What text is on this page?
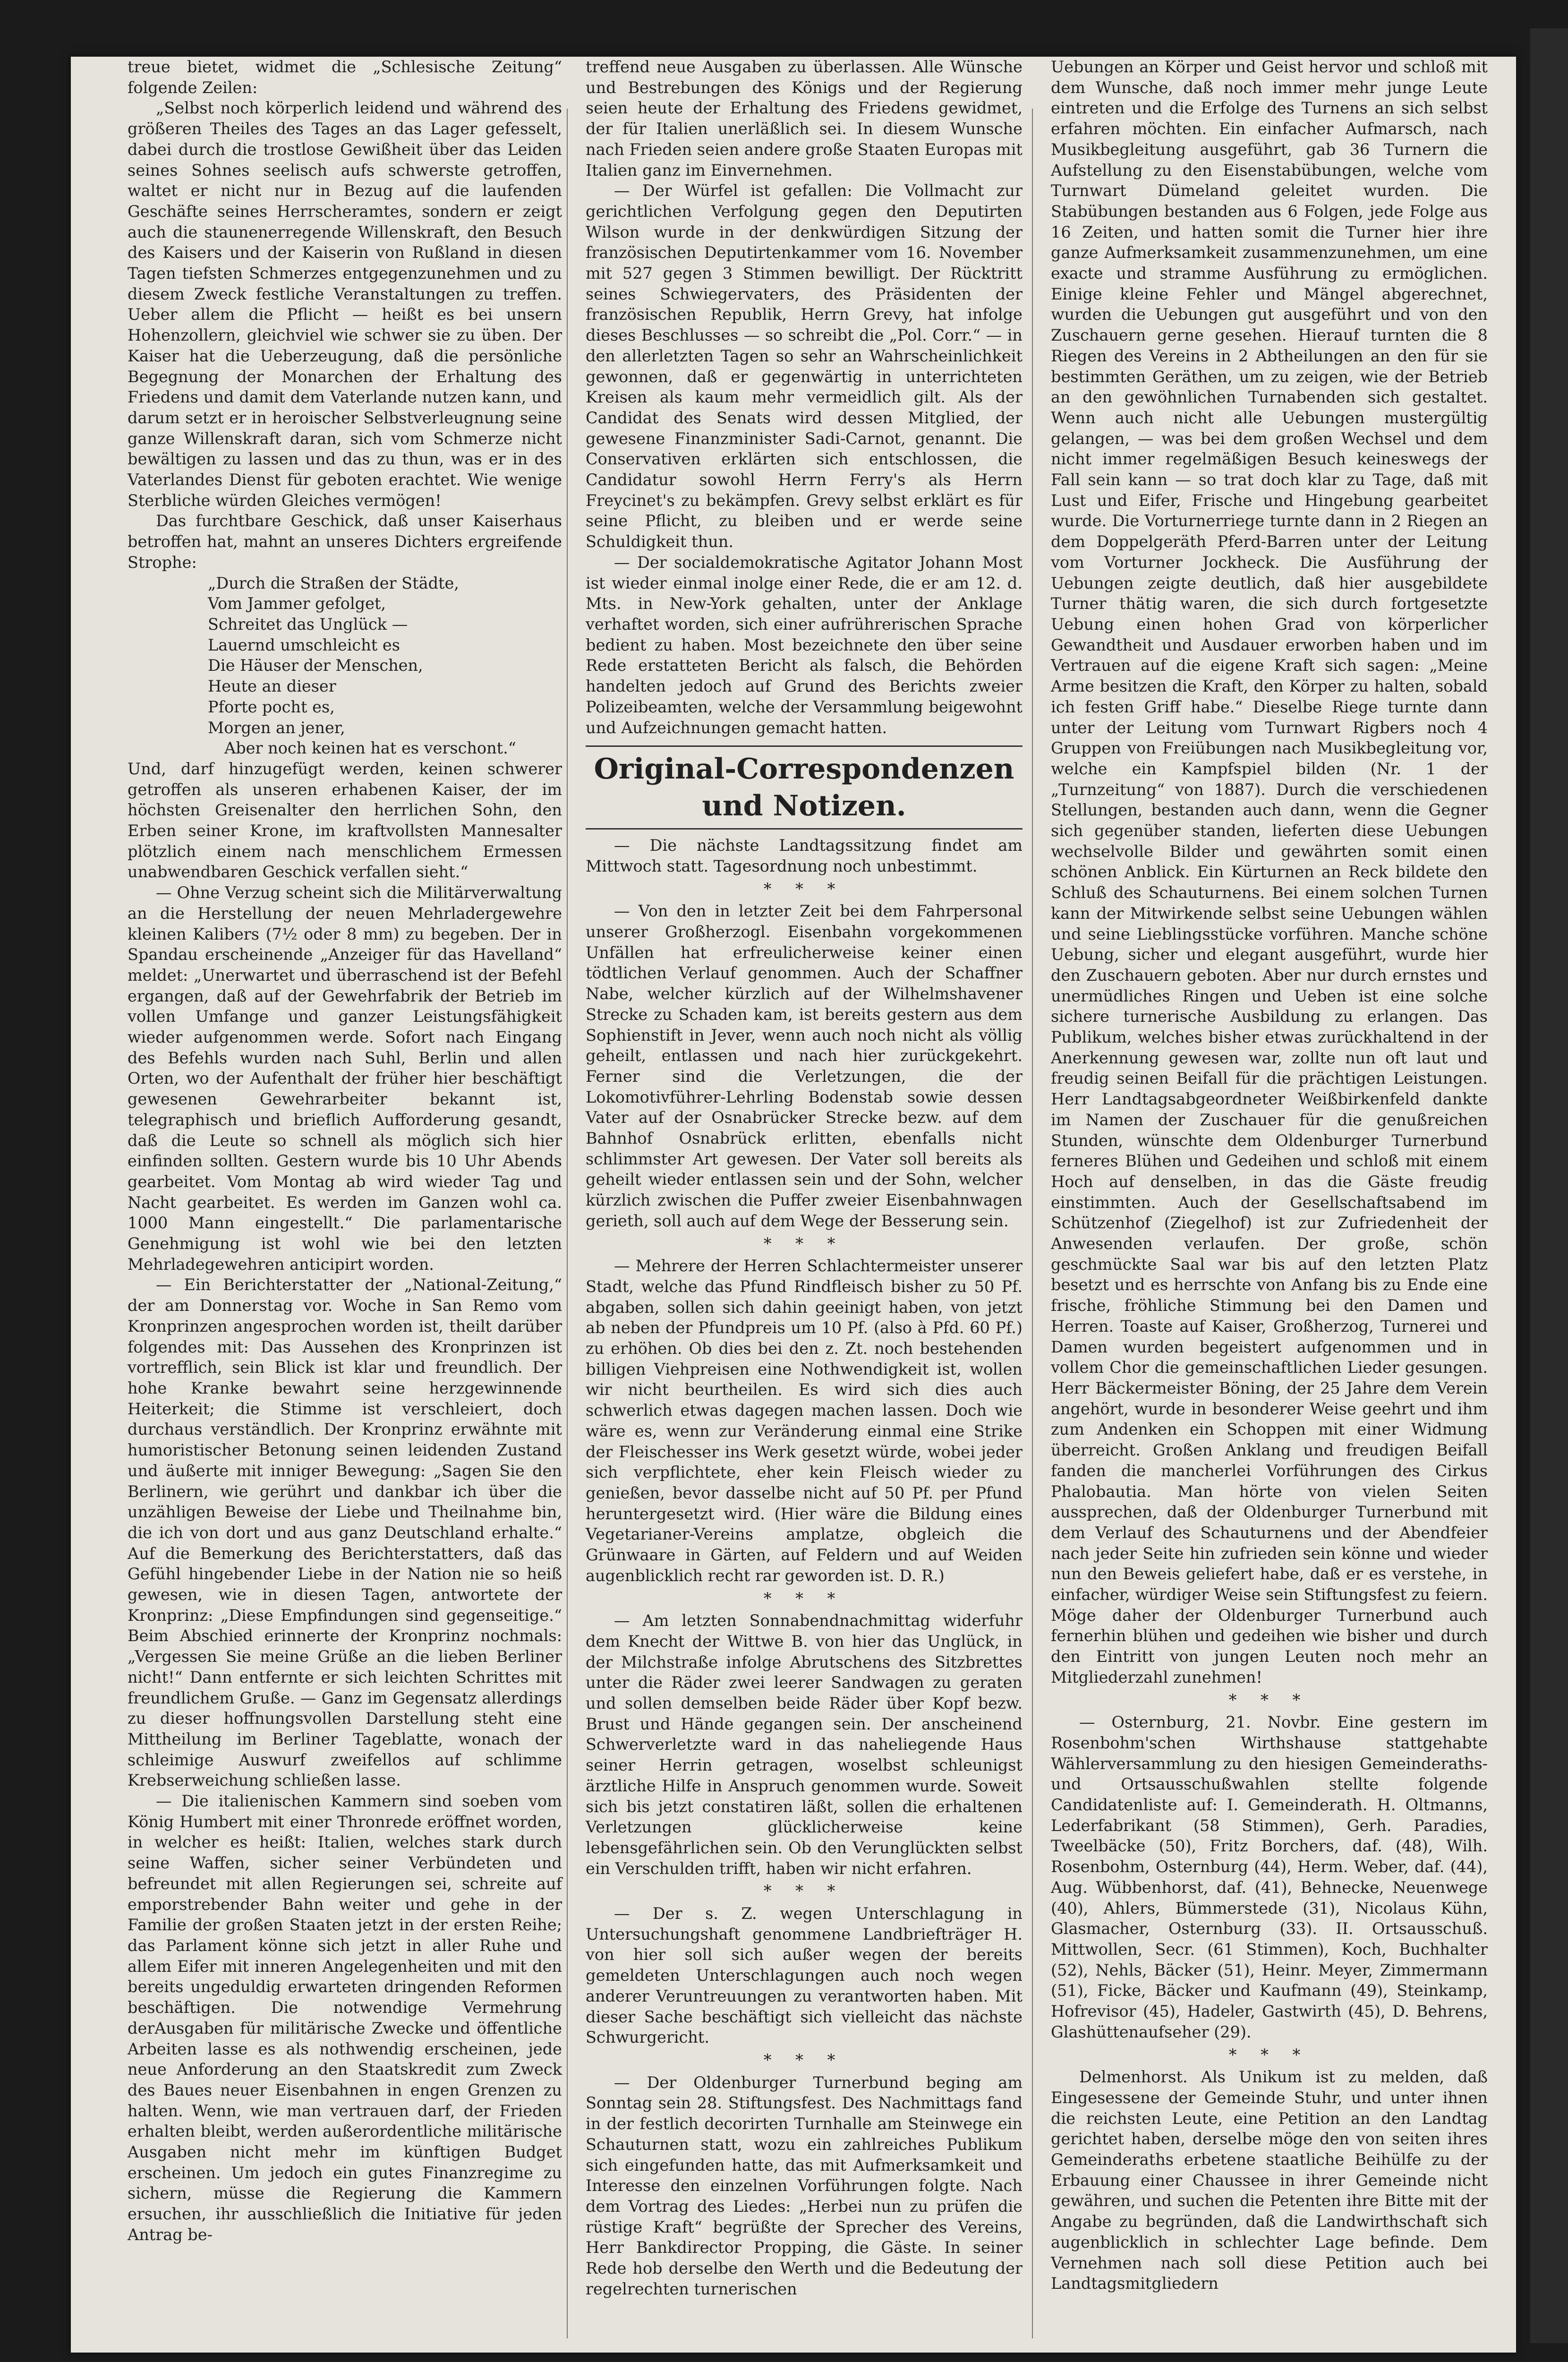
treue bietet, widmet die „Schlesische Zeitung“ folgende Zeilen:

„Selbst noch körperlich leidend und während des größeren Theiles des Tages an das Lager gefesselt, dabei durch die trostlose Gewißheit über das Leiden seines Sohnes seelisch aufs schwerste getroffen, waltet er nicht nur in Bezug auf die laufenden Geschäfte seines Herrscheramtes, sondern er zeigt auch die staunenerregende Willenskraft, den Besuch des Kaisers und der Kaiserin von Rußland in diesen Tagen tiefsten Schmerzes entgegenzunehmen und zu diesem Zweck festliche Veranstaltungen zu treffen. Ueber allem die Pflicht — heißt es bei unsern Hohenzollern, gleichviel wie schwer sie zu üben. Der Kaiser hat die Ueberzeugung, daß die persönliche Begegnung der Monarchen der Erhaltung des Friedens und damit dem Vaterlande nutzen kann, und darum setzt er in heroischer Selbstverleugnung seine ganze Willenskraft daran, sich vom Schmerze nicht bewältigen zu lassen und das zu thun, was er in des Vaterlandes Dienst für geboten erachtet. Wie wenige Sterbliche würden Gleiches vermögen!

Das furchtbare Geschick, daß unser Kaiserhaus betroffen hat, mahnt an unseres Dichters ergreifende Strophe:

„Durch die Straßen der Städte,
Vom Jammer gefolget,
Schreitet das Unglück —
Lauernd umschleicht es
Die Häuser der Menschen,
Heute an dieser
Pforte pocht es,
Morgen an jener,
Aber noch keinen hat es verschont.“

Und, darf hinzugefügt werden, keinen schwerer getroffen als unseren erhabenen Kaiser, der im höchsten Greisenalter den herrlichen Sohn, den Erben seiner Krone, im kraftvollsten Mannesalter plötzlich einem nach menschlichem Ermessen unabwendbaren Geschick verfallen sieht.“

— Ohne Verzug scheint sich die Militärverwaltung an die Herstellung der neuen Mehrladergewehre kleinen Kalibers (7½ oder 8 mm) zu begeben. Der in Spandau erscheinende „Anzeiger für das Havelland“ meldet: „Unerwartet und überraschend ist der Befehl ergangen, daß auf der Gewehrfabrik der Betrieb im vollen Umfange und ganzer Leistungsfähigkeit wieder aufgenommen werde. Sofort nach Eingang des Befehls wurden nach Suhl, Berlin und allen Orten, wo der Aufenthalt der früher hier beschäftigt gewesenen Gewehrarbeiter bekannt ist, telegraphisch und brieflich Aufforderung gesandt, daß die Leute so schnell als möglich sich hier einfinden sollten. Gestern wurde bis 10 Uhr Abends gearbeitet. Vom Montag ab wird wieder Tag und Nacht gearbeitet. Es werden im Ganzen wohl ca. 1000 Mann eingestellt.“ Die parlamentarische Genehmigung ist wohl wie bei den letzten Mehrladegewehren anticipirt worden.

— Ein Berichterstatter der „National-Zeitung,“ der am Donnerstag vor. Woche in San Remo vom Kronprinzen angesprochen worden ist, theilt darüber folgendes mit: Das Aussehen des Kronprinzen ist vortrefflich, sein Blick ist klar und freundlich. Der hohe Kranke bewahrt seine herzgewinnende Heiterkeit; die Stimme ist verschleiert, doch durchaus verständlich. Der Kronprinz erwähnte mit humoristischer Betonung seinen leidenden Zustand und äußerte mit inniger Bewegung: „Sagen Sie den Berlinern, wie gerührt und dankbar ich über die unzähligen Beweise der Liebe und Theilnahme bin, die ich von dort und aus ganz Deutschland erhalte.“ Auf die Bemerkung des Berichterstatters, daß das Gefühl hingebender Liebe in der Nation nie so heiß gewesen, wie in diesen Tagen, antwortete der Kronprinz: „Diese Empfindungen sind gegenseitige.“ Beim Abschied erinnerte der Kronprinz nochmals: „Vergessen Sie meine Grüße an die lieben Berliner nicht!“ Dann entfernte er sich leichten Schrittes mit freundlichem Gruße. — Ganz im Gegensatz allerdings zu dieser hoffnungsvollen Darstellung steht eine Mittheilung im Berliner Tageblatte, wonach der schleimige Auswurf zweifellos auf schlimme Krebserweichung schließen lasse.

— Die italienischen Kammern sind soeben vom König Humbert mit einer Thronrede eröffnet worden, in welcher es heißt: Italien, welches stark durch seine Waffen, sicher seiner Verbündeten und befreundet mit allen Regierungen sei, schreite auf emporstrebender Bahn weiter und gehe in der Familie der großen Staaten jetzt in der ersten Reihe; das Parlament könne sich jetzt in aller Ruhe und allem Eifer mit inneren Angelegenheiten und mit den bereits ungeduldig erwarteten dringenden Reformen beschäftigen. Die notwendige Vermehrung derAusgaben für militärische Zwecke und öffentliche Arbeiten lasse es als nothwendig erscheinen, jede neue Anforderung an den Staatskredit zum Zweck des Baues neuer Eisenbahnen in engen Grenzen zu halten. Wenn, wie man vertrauen darf, der Frieden erhalten bleibt, werden außerordentliche militärische Ausgaben nicht mehr im künftigen Budget erscheinen. Um jedoch ein gutes Finanzregime zu sichern, müsse die Regierung die Kammern ersuchen, ihr ausschließlich die Initiative für jeden Antrag be-

treffend neue Ausgaben zu überlassen. Alle Wünsche und Bestrebungen des Königs und der Regierung seien heute der Erhaltung des Friedens gewidmet, der für Italien unerläßlich sei. In diesem Wunsche nach Frieden seien andere große Staaten Europas mit Italien ganz im Einvernehmen.

— Der Würfel ist gefallen: Die Vollmacht zur gerichtlichen Verfolgung gegen den Deputirten Wilson wurde in der denkwürdigen Sitzung der französischen Deputirtenkammer vom 16. November mit 527 gegen 3 Stimmen bewilligt. Der Rücktritt seines Schwiegervaters, des Präsidenten der französischen Republik, Herrn Grevy, hat infolge dieses Beschlusses — so schreibt die „Pol. Corr.“ — in den allerletzten Tagen so sehr an Wahrscheinlichkeit gewonnen, daß er gegenwärtig in unterrichteten Kreisen als kaum mehr vermeidlich gilt. Als der Candidat des Senats wird dessen Mitglied, der gewesene Finanzminister Sadi-Carnot, genannt. Die Conservativen erklärten sich entschlossen, die Candidatur sowohl Herrn Ferry's als Herrn Freycinet's zu bekämpfen. Grevy selbst erklärt es für seine Pflicht, zu bleiben und er werde seine Schuldigkeit thun.

— Der socialdemokratische Agitator Johann Most ist wieder einmal inolge einer Rede, die er am 12. d. Mts. in New-York gehalten, unter der Anklage verhaftet worden, sich einer aufrührerischen Sprache bedient zu haben. Most bezeichnete den über seine Rede erstatteten Bericht als falsch, die Behörden handelten jedoch auf Grund des Berichts zweier Polizeibeamten, welche der Versammlung beigewohnt und Aufzeichnungen gemacht hatten.

Original-Correspondenzen und Notizen.

— Die nächste Landtagssitzung findet am Mittwoch statt. Tagesordnung noch unbestimmt.

* * *

— Von den in letzter Zeit bei dem Fahrpersonal unserer Großherzogl. Eisenbahn vorgekommenen Unfällen hat erfreulicherweise keiner einen tödtlichen Verlauf genommen. Auch der Schaffner Nabe, welcher kürzlich auf der Wilhelmshavener Strecke zu Schaden kam, ist bereits gestern aus dem Sophienstift in Jever, wenn auch noch nicht als völlig geheilt, entlassen und nach hier zurückgekehrt. Ferner sind die Verletzungen, die der Lokomotivführer-Lehrling Bodenstab sowie dessen Vater auf der Osnabrücker Strecke bezw. auf dem Bahnhof Osnabrück erlitten, ebenfalls nicht schlimmster Art gewesen. Der Vater soll bereits als geheilt wieder entlassen sein und der Sohn, welcher kürzlich zwischen die Puffer zweier Eisenbahnwagen gerieth, soll auch auf dem Wege der Besserung sein.

* * *

— Mehrere der Herren Schlachtermeister unserer Stadt, welche das Pfund Rindfleisch bisher zu 50 Pf. abgaben, sollen sich dahin geeinigt haben, von jetzt ab neben der Pfundpreis um 10 Pf. (also à Pfd. 60 Pf.) zu erhöhen. Ob dies bei den z. Zt. noch bestehenden billigen Viehpreisen eine Nothwendigkeit ist, wollen wir nicht beurtheilen. Es wird sich dies auch schwerlich etwas dagegen machen lassen. Doch wie wäre es, wenn zur Veränderung einmal eine Strike der Fleischesser ins Werk gesetzt würde, wobei jeder sich verpflichtete, eher kein Fleisch wieder zu genießen, bevor dasselbe nicht auf 50 Pf. per Pfund heruntergesetzt wird. (Hier wäre die Bildung eines Vegetarianer-Vereins amplatze, obgleich die Grünwaare in Gärten, auf Feldern und auf Weiden augenblicklich recht rar geworden ist. D. R.)

* * *

— Am letzten Sonnabendnachmittag widerfuhr dem Knecht der Wittwe B. von hier das Unglück, in der Milchstraße infolge Abrutschens des Sitzbrettes unter die Räder zwei leerer Sandwagen zu geraten und sollen demselben beide Räder über Kopf bezw. Brust und Hände gegangen sein. Der anscheinend Schwerverletzte ward in das naheliegende Haus seiner Herrin getragen, woselbst schleunigst ärztliche Hilfe in Anspruch genommen wurde. Soweit sich bis jetzt constatiren läßt, sollen die erhaltenen Verletzungen glücklicherweise keine lebensgefährlichen sein. Ob den Verunglückten selbst ein Verschulden trifft, haben wir nicht erfahren.

* * *

— Der s. Z. wegen Unterschlagung in Untersuchungshaft genommene Landbriefträger H. von hier soll sich außer wegen der bereits gemeldeten Unterschlagungen auch noch wegen anderer Veruntreuungen zu verantworten haben. Mit dieser Sache beschäftigt sich vielleicht das nächste Schwurgericht.

* * *

— Der Oldenburger Turnerbund beging am Sonntag sein 28. Stiftungsfest. Des Nachmittags fand in der festlich decorirten Turnhalle am Steinwege ein Schauturnen statt, wozu ein zahlreiches Publikum sich eingefunden hatte, das mit Aufmerksamkeit und Interesse den einzelnen Vorführungen folgte. Nach dem Vortrag des Liedes: „Herbei nun zu prüfen die rüstige Kraft“ begrüßte der Sprecher des Vereins, Herr Bankdirector Propping, die Gäste. In seiner Rede hob derselbe den Werth und die Bedeutung der regelrechten turnerischen

Uebungen an Körper und Geist hervor und schloß mit dem Wunsche, daß noch immer mehr junge Leute eintreten und die Erfolge des Turnens an sich selbst erfahren möchten. Ein einfacher Aufmarsch, nach Musikbegleitung ausgeführt, gab 36 Turnern die Aufstellung zu den Eisenstabübungen, welche vom Turnwart Dümeland geleitet wurden. Die Stabübungen bestanden aus 6 Folgen, jede Folge aus 16 Zeiten, und hatten somit die Turner hier ihre ganze Aufmerksamkeit zusammenzunehmen, um eine exacte und stramme Ausführung zu ermöglichen. Einige kleine Fehler und Mängel abgerechnet, wurden die Uebungen gut ausgeführt und von den Zuschauern gerne gesehen. Hierauf turnten die 8 Riegen des Vereins in 2 Abtheilungen an den für sie bestimmten Geräthen, um zu zeigen, wie der Betrieb an den gewöhnlichen Turnabenden sich gestaltet. Wenn auch nicht alle Uebungen mustergültig gelangen, — was bei dem großen Wechsel und dem nicht immer regelmäßigen Besuch keineswegs der Fall sein kann — so trat doch klar zu Tage, daß mit Lust und Eifer, Frische und Hingebung gearbeitet wurde. Die Vorturnerriege turnte dann in 2 Riegen an dem Doppelgeräth Pferd-Barren unter der Leitung vom Vorturner Jockheck. Die Ausführung der Uebungen zeigte deutlich, daß hier ausgebildete Turner thätig waren, die sich durch fortgesetzte Uebung einen hohen Grad von körperlicher Gewandtheit und Ausdauer erworben haben und im Vertrauen auf die eigene Kraft sich sagen: „Meine Arme besitzen die Kraft, den Körper zu halten, sobald ich festen Griff habe.“ Dieselbe Riege turnte dann unter der Leitung vom Turnwart Rigbers noch 4 Gruppen von Freiübungen nach Musikbegleitung vor, welche ein Kampfspiel bilden (Nr. 1 der „Turnzeitung“ von 1887). Durch die verschiedenen Stellungen, bestanden auch dann, wenn die Gegner sich gegenüber standen, lieferten diese Uebungen wechselvolle Bilder und gewährten somit einen schönen Anblick. Ein Kürturnen an Reck bildete den Schluß des Schauturnens. Bei einem solchen Turnen kann der Mitwirkende selbst seine Uebungen wählen und seine Lieblingsstücke vorführen. Manche schöne Uebung, sicher und elegant ausgeführt, wurde hier den Zuschauern geboten. Aber nur durch ernstes und unermüdliches Ringen und Ueben ist eine solche sichere turnerische Ausbildung zu erlangen. Das Publikum, welches bisher etwas zurückhaltend in der Anerkennung gewesen war, zollte nun oft laut und freudig seinen Beifall für die prächtigen Leistungen. Herr Landtagsabgeordneter Weißbirkenfeld dankte im Namen der Zuschauer für die genußreichen Stunden, wünschte dem Oldenburger Turnerbund ferneres Blühen und Gedeihen und schloß mit einem Hoch auf denselben, in das die Gäste freudig einstimmten. Auch der Gesellschaftsabend im Schützenhof (Ziegelhof) ist zur Zufriedenheit der Anwesenden verlaufen. Der große, schön geschmückte Saal war bis auf den letzten Platz besetzt und es herrschte von Anfang bis zu Ende eine frische, fröhliche Stimmung bei den Damen und Herren. Toaste auf Kaiser, Großherzog, Turnerei und Damen wurden begeistert aufgenommen und in vollem Chor die gemeinschaftlichen Lieder gesungen. Herr Bäckermeister Böning, der 25 Jahre dem Verein angehört, wurde in besonderer Weise geehrt und ihm zum Andenken ein Schoppen mit einer Widmung überreicht. Großen Anklang und freudigen Beifall fanden die mancherlei Vorführungen des Cirkus Phalobautia. Man hörte von vielen Seiten aussprechen, daß der Oldenburger Turnerbund mit dem Verlauf des Schauturnens und der Abendfeier nach jeder Seite hin zufrieden sein könne und wieder nun den Beweis geliefert habe, daß er es verstehe, in einfacher, würdiger Weise sein Stiftungsfest zu feiern. Möge daher der Oldenburger Turnerbund auch fernerhin blühen und gedeihen wie bisher und durch den Eintritt von jungen Leuten noch mehr an Mitgliederzahl zunehmen!

* * *

— Osternburg, 21. Novbr. Eine gestern im Rosenbohm'schen Wirthshause stattgehabte Wählerversammlung zu den hiesigen Gemeinderaths- und Ortsausschußwahlen stellte folgende Candidatenliste auf: I. Gemeinderath. H. Oltmanns, Lederfabrikant (58 Stimmen), Gerh. Paradies, Tweelbäcke (50), Fritz Borchers, daf. (48), Wilh. Rosenbohm, Osternburg (44), Herm. Weber, daf. (44), Aug. Wübbenhorst, daf. (41), Behnecke, Neuenwege (40), Ahlers, Bümmerstede (31), Nicolaus Kühn, Glasmacher, Osternburg (33). II. Ortsausschuß. Mittwollen, Secr. (61 Stimmen), Koch, Buchhalter (52), Nehls, Bäcker (51), Heinr. Meyer, Zimmermann (51), Ficke, Bäcker und Kaufmann (49), Steinkamp, Hofrevisor (45), Hadeler, Gastwirth (45), D. Behrens, Glashüttenaufseher (29).

* * *

Delmenhorst. Als Unikum ist zu melden, daß Eingesessene der Gemeinde Stuhr, und unter ihnen die reichsten Leute, eine Petition an den Landtag gerichtet haben, derselbe möge den von seiten ihres Gemeinderaths erbetene staatliche Beihülfe zu der Erbauung einer Chaussee in ihrer Gemeinde nicht gewähren, und suchen die Petenten ihre Bitte mit der Angabe zu begründen, daß die Landwirthschaft sich augenblicklich in schlechter Lage befinde. Dem Vernehmen nach soll diese Petition auch bei Landtagsmitgliedern
